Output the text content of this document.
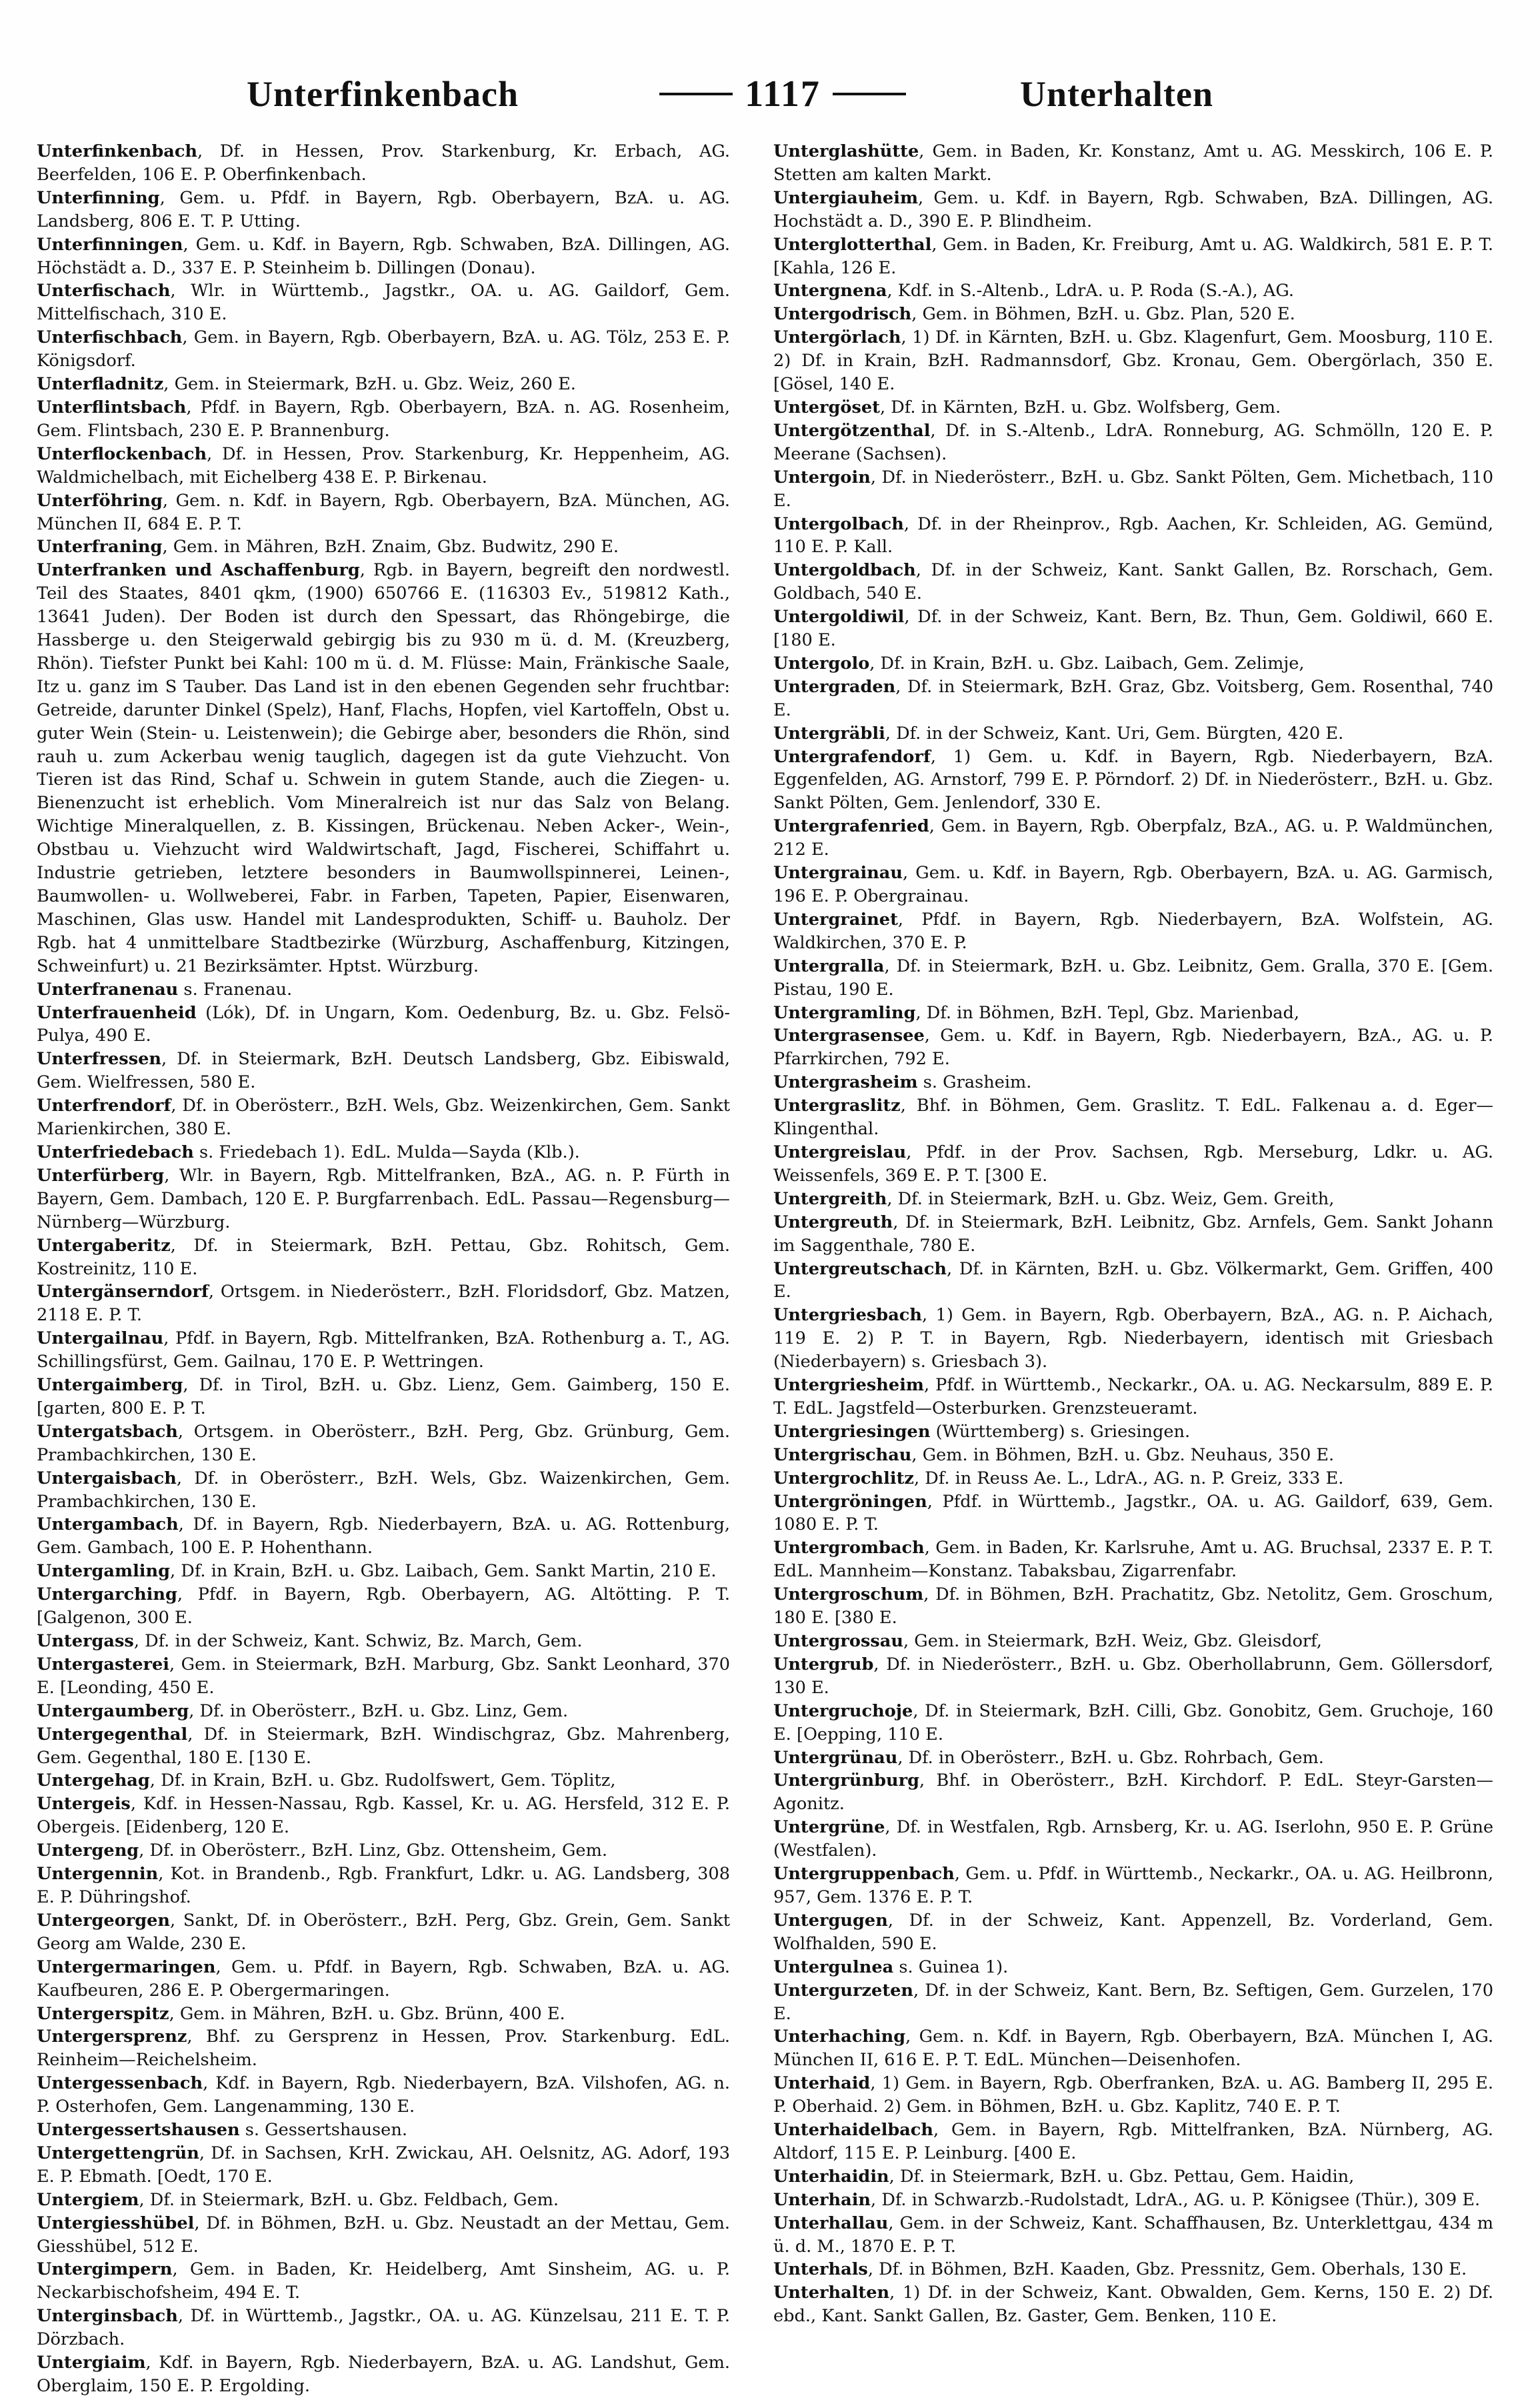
Unterfinkenbach	1117	Unterhalten
Unterfinkenbach, Df. in Hessen, Prov. Starkenburg, Kr. Erbach, AG. Beerfelden, 106 E. P. Oberfinkenbach.
Unterfinning, Gem. u. Pfdf. in Bayern, Rgb. Oberbayern, BzA. u. AG. Landsberg, 806 E. T. P. Utting.
Unterfinningen, Gem. u. Kdf. in Bayern, Rgb. Schwaben, BzA. Dillingen, AG. Höchstädt a. D., 337 E. P. Steinheim b. Dillingen (Donau).
Unterfischach, Wlr. in Württemb., Jagstkr., OA. u. AG. Gaildorf, Gem. Mittelfischach, 310 E.
Unterfischbach, Gem. in Bayern, Rgb. Oberbayern, BzA. u. AG. Tölz, 253 E. P. Königsdorf.
Unterfladnitz, Gem. in Steiermark, BzH. u. Gbz. Weiz, 260 E.
Unterflintsbach, Pfdf. in Bayern, Rgb. Oberbayern, BzA. n. AG. Rosenheim, Gem. Flintsbach, 230 E. P. Brannenburg.
Unterflockenbach, Df. in Hessen, Prov. Starkenburg, Kr. Heppenheim, AG. Waldmichelbach, mit Eichelberg 438 E. P. Birkenau.
Unterföhring, Gem. n. Kdf. in Bayern, Rgb. Oberbayern, BzA. München, AG. München II, 684 E. P. T.
Unterfraning, Gem. in Mähren, BzH. Znaim, Gbz. Budwitz, 290 E.
Unterfranken und Aschaffenburg, Rgb. in Bayern, begreift den nordwestl. Teil des Staates, 8401 qkm, (1900) 650766 E. (116303 Ev., 519812 Kath., 13641 Juden). Der Boden ist durch den Spessart, das Rhöngebirge, die Hassberge u. den Steigerwald gebirgig bis zu 930 m ü. d. M. (Kreuzberg, Rhön). Tiefster Punkt bei Kahl: 100 m ü. d. M. Flüsse: Main, Fränkische Saale, Itz u. ganz im S Tauber. Das Land ist in den ebenen Gegenden sehr fruchtbar: Getreide, darunter Dinkel (Spelz), Hanf, Flachs, Hopfen, viel Kartoffeln, Obst u. guter Wein (Stein- u. Leistenwein); die Gebirge aber, besonders die Rhön, sind rauh u. zum Ackerbau wenig tauglich, dagegen ist da gute Viehzucht. Von Tieren ist das Rind, Schaf u. Schwein in gutem Stande, auch die Ziegen- u. Bienenzucht ist erheblich. Vom Mineralreich ist nur das Salz von Belang. Wichtige Mineralquellen, z. B. Kissingen, Brückenau. Neben Acker-, Wein-, Obstbau u. Viehzucht wird Waldwirtschaft, Jagd, Fischerei, Schiffahrt u. Industrie getrieben, letztere besonders in Baumwollspinnerei, Leinen-, Baumwollen- u. Wollweberei, Fabr. in Farben, Tapeten, Papier, Eisenwaren, Maschinen, Glas usw. Handel mit Landesprodukten, Schiff- u. Bauholz. Der Rgb. hat 4 unmittelbare Stadtbezirke (Würzburg, Aschaffenburg, Kitzingen, Schweinfurt) u. 21 Bezirksämter. Hptst. Würzburg.
Unterfranenau s. Franenau.
Unterfrauenheid (Lók), Df. in Ungarn, Kom. Oedenburg, Bz. u. Gbz. Felsö-Pulya, 490 E.
Unterfressen, Df. in Steiermark, BzH. Deutsch Landsberg, Gbz. Eibiswald, Gem. Wielfressen, 580 E.
Unterfrendorf, Df. in Oberösterr., BzH. Wels, Gbz. Weizenkirchen, Gem. Sankt Marienkirchen, 380 E.
Unterfriedebach s. Friedebach 1). EdL. Mulda—Sayda (Klb.).
Unterfürberg, Wlr. in Bayern, Rgb. Mittelfranken, BzA., AG. n. P. Fürth in Bayern, Gem. Dambach, 120 E. P. Burgfarrenbach. EdL. Passau—Regensburg—Nürnberg—Würzburg.
Untergaberitz, Df. in Steiermark, BzH. Pettau, Gbz. Rohitsch, Gem. Kostreinitz, 110 E.
Untergänserndorf, Ortsgem. in Niederösterr., BzH. Floridsdorf, Gbz. Matzen, 2118 E. P. T.
Untergailnau, Pfdf. in Bayern, Rgb. Mittelfranken, BzA. Rothenburg a. T., AG. Schillingsfürst, Gem. Gailnau, 170 E. P. Wettringen.
Untergaimberg, Df. in Tirol, BzH. u. Gbz. Lienz, Gem. Gaimberg, 150 E. [garten, 800 E. P. T.
Untergatsbach, Ortsgem. in Oberösterr., BzH. Perg, Gbz. Grünburg, Gem. Prambachkirchen, 130 E.
Untergaisbach, Df. in Oberösterr., BzH. Wels, Gbz. Waizenkirchen, Gem. Prambachkirchen, 130 E.
Untergambach, Df. in Bayern, Rgb. Niederbayern, BzA. u. AG. Rottenburg, Gem. Gambach, 100 E. P. Hohenthann.
Untergamling, Df. in Krain, BzH. u. Gbz. Laibach, Gem. Sankt Martin, 210 E.
Untergarching, Pfdf. in Bayern, Rgb. Oberbayern, AG. Altötting. P. T. [Galgenon, 300 E.
Untergass, Df. in der Schweiz, Kant. Schwiz, Bz. March, Gem.
Untergasterei, Gem. in Steiermark, BzH. Marburg, Gbz. Sankt Leonhard, 370 E. [Leonding, 450 E.
Untergaumberg, Df. in Oberösterr., BzH. u. Gbz. Linz, Gem.
Untergegenthal, Df. in Steiermark, BzH. Windischgraz, Gbz. Mahrenberg, Gem. Gegenthal, 180 E. [130 E.
Untergehag, Df. in Krain, BzH. u. Gbz. Rudolfswert, Gem. Töplitz,
Untergeis, Kdf. in Hessen-Nassau, Rgb. Kassel, Kr. u. AG. Hersfeld, 312 E. P. Obergeis. [Eidenberg, 120 E.
Untergeng, Df. in Oberösterr., BzH. Linz, Gbz. Ottensheim, Gem.
Untergennin, Kot. in Brandenb., Rgb. Frankfurt, Ldkr. u. AG. Landsberg, 308 E. P. Dühringshof.
Untergeorgen, Sankt, Df. in Oberösterr., BzH. Perg, Gbz. Grein, Gem. Sankt Georg am Walde, 230 E.
Untergermaringen, Gem. u. Pfdf. in Bayern, Rgb. Schwaben, BzA. u. AG. Kaufbeuren, 286 E. P. Obergermaringen.
Untergerspitz, Gem. in Mähren, BzH. u. Gbz. Brünn, 400 E.
Untergersprenz, Bhf. zu Gersprenz in Hessen, Prov. Starkenburg. EdL. Reinheim—Reichelsheim.
Untergessenbach, Kdf. in Bayern, Rgb. Niederbayern, BzA. Vilshofen, AG. n. P. Osterhofen, Gem. Langenamming, 130 E.
Untergessertshausen s. Gessertshausen.
Untergettengrün, Df. in Sachsen, KrH. Zwickau, AH. Oelsnitz, AG. Adorf, 193 E. P. Ebmath. [Oedt, 170 E.
Untergiem, Df. in Steiermark, BzH. u. Gbz. Feldbach, Gem.
Untergiesshübel, Df. in Böhmen, BzH. u. Gbz. Neustadt an der Mettau, Gem. Giesshübel, 512 E.
Untergimpern, Gem. in Baden, Kr. Heidelberg, Amt Sinsheim, AG. u. P. Neckarbischofsheim, 494 E. T.
Unterginsbach, Df. in Württemb., Jagstkr., OA. u. AG. Künzelsau, 211 E. T. P. Dörzbach.
Untergiaim, Kdf. in Bayern, Rgb. Niederbayern, BzA. u. AG. Landshut, Gem. Oberglaim, 150 E. P. Ergolding.
Unterglashütte, Gem. in Baden, Kr. Konstanz, Amt u. AG. Messkirch, 106 E. P. Stetten am kalten Markt.
Untergiauheim, Gem. u. Kdf. in Bayern, Rgb. Schwaben, BzA. Dillingen, AG. Hochstädt a. D., 390 E. P. Blindheim.
Unterglotterthal, Gem. in Baden, Kr. Freiburg, Amt u. AG. Waldkirch, 581 E. P. T. [Kahla, 126 E.
Untergnena, Kdf. in S.-Altenb., LdrA. u. P. Roda (S.-A.), AG.
Untergodrisch, Gem. in Böhmen, BzH. u. Gbz. Plan, 520 E.
Untergörlach, 1) Df. in Kärnten, BzH. u. Gbz. Klagenfurt, Gem. Moosburg, 110 E. 2) Df. in Krain, BzH. Radmannsdorf, Gbz. Kronau, Gem. Obergörlach, 350 E. [Gösel, 140 E.
Untergöset, Df. in Kärnten, BzH. u. Gbz. Wolfsberg, Gem.
Untergötzenthal, Df. in S.-Altenb., LdrA. Ronneburg, AG. Schmölln, 120 E. P. Meerane (Sachsen).
Untergoin, Df. in Niederösterr., BzH. u. Gbz. Sankt Pölten, Gem. Michetbach, 110 E.
Untergolbach, Df. in der Rheinprov., Rgb. Aachen, Kr. Schleiden, AG. Gemünd, 110 E. P. Kall.
Untergoldbach, Df. in der Schweiz, Kant. Sankt Gallen, Bz. Rorschach, Gem. Goldbach, 540 E.
Untergoldiwil, Df. in der Schweiz, Kant. Bern, Bz. Thun, Gem. Goldiwil, 660 E. [180 E.
Untergolo, Df. in Krain, BzH. u. Gbz. Laibach, Gem. Zelimje,
Untergraden, Df. in Steiermark, BzH. Graz, Gbz. Voitsberg, Gem. Rosenthal, 740 E.
Untergräbli, Df. in der Schweiz, Kant. Uri, Gem. Bürgten, 420 E.
Untergrafendorf, 1) Gem. u. Kdf. in Bayern, Rgb. Niederbayern, BzA. Eggenfelden, AG. Arnstorf, 799 E. P. Pörndorf. 2) Df. in Niederösterr., BzH. u. Gbz. Sankt Pölten, Gem. Jenlendorf, 330 E.
Untergrafenried, Gem. in Bayern, Rgb. Oberpfalz, BzA., AG. u. P. Waldmünchen, 212 E.
Untergrainau, Gem. u. Kdf. in Bayern, Rgb. Oberbayern, BzA. u. AG. Garmisch, 196 E. P. Obergrainau.
Untergrainet, Pfdf. in Bayern, Rgb. Niederbayern, BzA. Wolfstein, AG. Waldkirchen, 370 E. P.
Untergralla, Df. in Steiermark, BzH. u. Gbz. Leibnitz, Gem. Gralla, 370 E. [Gem. Pistau, 190 E.
Untergramling, Df. in Böhmen, BzH. Tepl, Gbz. Marienbad,
Untergrasensee, Gem. u. Kdf. in Bayern, Rgb. Niederbayern, BzA., AG. u. P. Pfarrkirchen, 792 E.
Untergrasheim s. Grasheim.
Untergraslitz, Bhf. in Böhmen, Gem. Graslitz. T. EdL. Falkenau a. d. Eger—Klingenthal.
Untergreislau, Pfdf. in der Prov. Sachsen, Rgb. Merseburg, Ldkr. u. AG. Weissenfels, 369 E. P. T. [300 E.
Untergreith, Df. in Steiermark, BzH. u. Gbz. Weiz, Gem. Greith,
Untergreuth, Df. in Steiermark, BzH. Leibnitz, Gbz. Arnfels, Gem. Sankt Johann im Saggenthale, 780 E.
Untergreutschach, Df. in Kärnten, BzH. u. Gbz. Völkermarkt, Gem. Griffen, 400 E.
Untergriesbach, 1) Gem. in Bayern, Rgb. Oberbayern, BzA., AG. n. P. Aichach, 119 E. 2) P. T. in Bayern, Rgb. Niederbayern, identisch mit Griesbach (Niederbayern) s. Griesbach 3).
Untergriesheim, Pfdf. in Württemb., Neckarkr., OA. u. AG. Neckarsulm, 889 E. P. T. EdL. Jagstfeld—Osterburken. Grenzsteueramt.
Untergriesingen (Württemberg) s. Griesingen.
Untergrischau, Gem. in Böhmen, BzH. u. Gbz. Neuhaus, 350 E.
Untergrochlitz, Df. in Reuss Ae. L., LdrA., AG. n. P. Greiz, 333 E.
Untergröningen, Pfdf. in Württemb., Jagstkr., OA. u. AG. Gaildorf, 639, Gem. 1080 E. P. T.
Untergrombach, Gem. in Baden, Kr. Karlsruhe, Amt u. AG. Bruchsal, 2337 E. P. T. EdL. Mannheim—Konstanz. Tabaksbau, Zigarrenfabr.
Untergroschum, Df. in Böhmen, BzH. Prachatitz, Gbz. Netolitz, Gem. Groschum, 180 E. [380 E.
Untergrossau, Gem. in Steiermark, BzH. Weiz, Gbz. Gleisdorf,
Untergrub, Df. in Niederösterr., BzH. u. Gbz. Oberhollabrunn, Gem. Göllersdorf, 130 E.
Untergruchoje, Df. in Steiermark, BzH. Cilli, Gbz. Gonobitz, Gem. Gruchoje, 160 E. [Oepping, 110 E.
Untergrünau, Df. in Oberösterr., BzH. u. Gbz. Rohrbach, Gem.
Untergrünburg, Bhf. in Oberösterr., BzH. Kirchdorf. P. EdL. Steyr-Garsten—Agonitz.
Untergrüne, Df. in Westfalen, Rgb. Arnsberg, Kr. u. AG. Iserlohn, 950 E. P. Grüne (Westfalen).
Untergruppenbach, Gem. u. Pfdf. in Württemb., Neckarkr., OA. u. AG. Heilbronn, 957, Gem. 1376 E. P. T.
Untergugen, Df. in der Schweiz, Kant. Appenzell, Bz. Vorderland, Gem. Wolfhalden, 590 E.
Untergulnea s. Guinea 1).
Untergurzeten, Df. in der Schweiz, Kant. Bern, Bz. Seftigen, Gem. Gurzelen, 170 E.
Unterhaching, Gem. n. Kdf. in Bayern, Rgb. Oberbayern, BzA. München I, AG. München II, 616 E. P. T. EdL. München—Deisenhofen.
Unterhaid, 1) Gem. in Bayern, Rgb. Oberfranken, BzA. u. AG. Bamberg II, 295 E. P. Oberhaid. 2) Gem. in Böhmen, BzH. u. Gbz. Kaplitz, 740 E. P. T.
Unterhaidelbach, Gem. in Bayern, Rgb. Mittelfranken, BzA. Nürnberg, AG. Altdorf, 115 E. P. Leinburg. [400 E.
Unterhaidin, Df. in Steiermark, BzH. u. Gbz. Pettau, Gem. Haidin,
Unterhain, Df. in Schwarzb.-Rudolstadt, LdrA., AG. u. P. Königsee (Thür.), 309 E.
Unterhallau, Gem. in der Schweiz, Kant. Schaffhausen, Bz. Unterklettgau, 434 m ü. d. M., 1870 E. P. T.
Unterhals, Df. in Böhmen, BzH. Kaaden, Gbz. Pressnitz, Gem. Oberhals, 130 E.
Unterhalten, 1) Df. in der Schweiz, Kant. Obwalden, Gem. Kerns, 150 E. 2) Df. ebd., Kant. Sankt Gallen, Bz. Gaster, Gem. Benken, 110 E.
